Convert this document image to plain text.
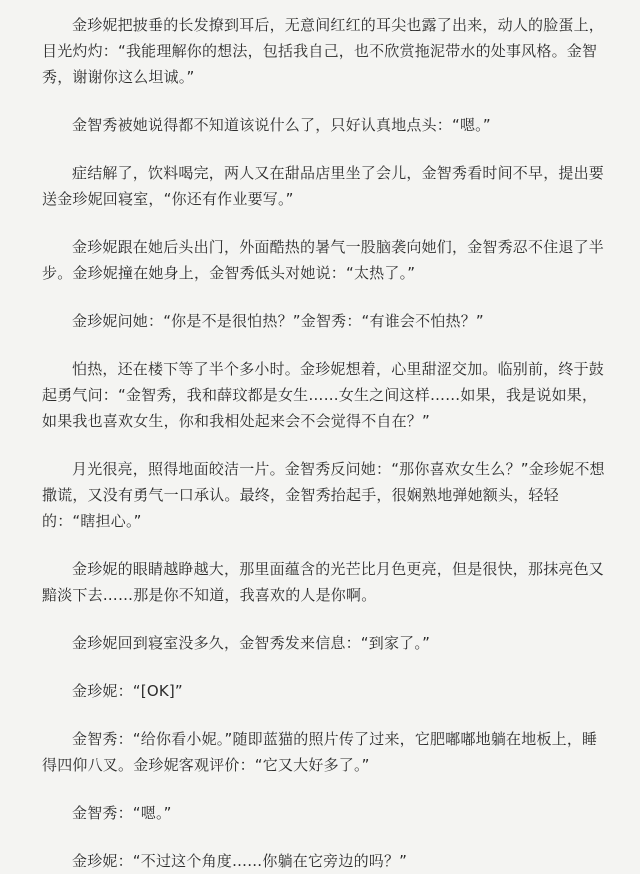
金珍妮把披垂的长发撩到耳后，无意间红红的耳尖也露了出来，动人的脸蛋上，目光灼灼：“我能理解你的想法，包括我自己，也不欣赏拖泥带水的处事风格。金智秀，谢谢你这么坦诚。”

金智秀被她说得都不知道该说什么了，只好认真地点头：“嗯。”

症结解了，饮料喝完，两人又在甜品店里坐了会儿，金智秀看时间不早，提出要送金珍妮回寝室，“你还有作业要写。”

金珍妮跟在她后头出门，外面酷热的暑气一股脑袭向她们，金智秀忍不住退了半步。金珍妮撞在她身上，金智秀低头对她说：“太热了。”

金珍妮问她：“你是不是很怕热？”金智秀：“有谁会不怕热？”

怕热，还在楼下等了半个多小时。金珍妮想着，心里甜涩交加。临别前，终于鼓起勇气问：“金智秀，我和薛玟都是女生……女生之间这样……如果，我是说如果，如果我也喜欢女生，你和我相处起来会不会觉得不自在？”

月光很亮，照得地面皎洁一片。金智秀反问她：“那你喜欢女生么？”金珍妮不想撒谎，又没有勇气一口承认。最终，金智秀抬起手，很娴熟地弹她额头，轻轻的：“瞎担心。”

金珍妮的眼睛越睁越大，那里面蕴含的光芒比月色更亮，但是很快，那抹亮色又黯淡下去……那是你不知道，我喜欢的人是你啊。

金珍妮回到寝室没多久，金智秀发来信息：“到家了。”

金珍妮：“[OK]”

金智秀：“给你看小妮。”随即蓝猫的照片传了过来，它肥嘟嘟地躺在地板上，睡得四仰八叉。金珍妮客观评价：“它又大好多了。”

金智秀：“嗯。”

金珍妮：“不过这个角度……你躺在它旁边的吗？”
